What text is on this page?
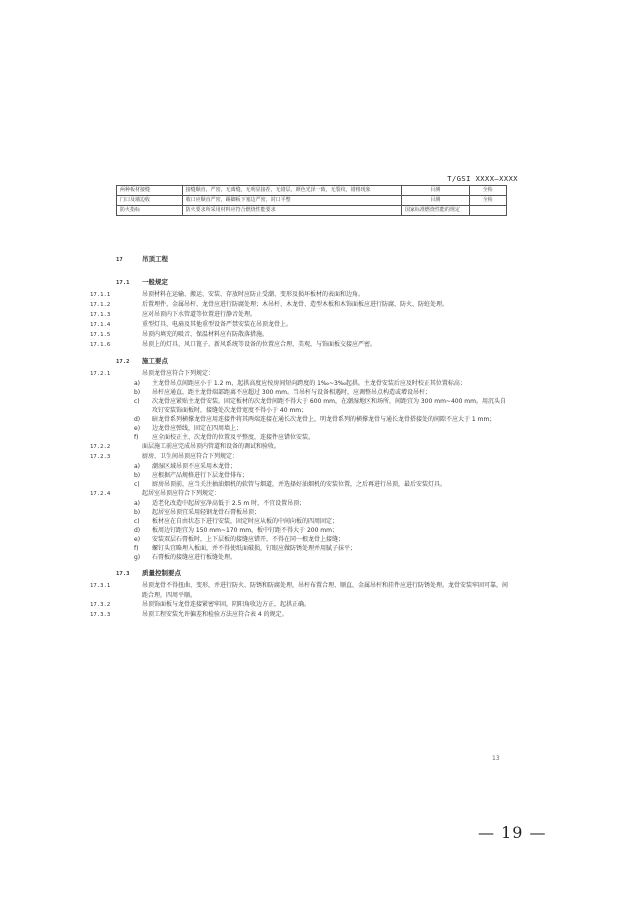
T/GSI XXXX—XXXX
两种板材接缝	接缝顺直，严密，无离缝，无明显接茬，无错层，颜色光泽一致，无裂纹，错格现象	目测	全检
门口及墙边收	收口应顺直严密，踢脚板下塞边严密，封口平整	目测	全检
防火指标	防火要求所采用材料应符合燃烧性能要求	国家标准燃烧性能的规定	
17	吊顶工程
17.1 一般规定

17.1.1	吊顶材料在运输、搬运、安装、存放时应防止受潮、变形及损坏板材的表面和边角。

17.1.2	后置埋件、金属吊杆、龙骨应进行防腐处理；木吊杆、木龙骨、造型木板和木饰面板应进行防腐、防火、防蛀处理。

17.1.3	应对吊顶内下水管道等位置进行静音处理。

17.1.4	重型灯具、电扇及其他重型设备严禁安装在吊顶龙骨上。

17.1.5	吊顶内填充的吸音、保温材料应有防散落措施。

17.1.6	吊顶上的灯具、风口篦子、新风系统等设备的位置应合理、美观，与饰面板交接应严密。

17.2 施工要点

17.2.1	吊顶龙骨应符合下列规定：

a) 主龙骨吊点间距应小于 1.2 m，起拱高度应按房间短向跨度的 1‰~3‰起拱。主龙骨安装后应及时校正其位置标高；

b) 吊杆应通直，距主龙骨端部距离不应超过 300 mm。当吊杆与设备相遇时，应调整吊点构造或增设吊杆；

c) 次龙骨应紧贴主龙骨安装。固定板材的次龙骨间距不得大于 600 mm，在潮湿地区和场所，间距宜为 300 mm~400 mm。用沉头自攻钉安装饰面板时，接缝处次龙骨宽度不得小于 40 mm；

d) 暗龙骨系列横撑龙骨应用连接件将其两端连接在通长次龙骨上，明龙骨系列的横撑龙骨与通长龙骨搭接处的间隙不应大于 1 mm；

e) 边龙骨应弹线，固定在四周墙上；

f) 应全面校正主、次龙骨的位置及平整度，连接件应错位安装。

17.2.2	面层施工前应完成吊顶内管道和设备的调试和验收。

17.2.3	厨房、卫生间吊顶应符合下列规定：

a) 潮湿区域吊顶不应采用木龙骨；

b) 应根据产品规格进行下层龙骨排布；

c) 厨房吊顶前，应当关注抽油烟机的软管与烟道，并选择好油烟机的安装位置，之后再进行吊顶，最后安装灯具。

17.2.4	起居室吊顶应符合下列规定：

a) 适老化改造中起居室净高低于 2.5 m 时，不宜设置吊顶；

b) 起居室吊顶宜采用轻钢龙骨石膏板吊顶；

c) 板材应在自由状态下进行安装，固定时应从板的中间向板的四周固定；

d) 板周边钉距宜为 150 mm~170 mm，板中钉距不得大于 200 mm；

e) 安装双层石膏板时，上下层板的接缝应错开，不得在同一根龙骨上接缝；

f) 螺钉头宜略埋入板面，并不得使纸面破损，钉眼应做防锈处理并用腻子抹平；

g) 石膏板的接缝应进行板缝处理。

17.3 质量控制要点

17.3.1	吊顶龙骨不得扭曲、变形，并进行防火、防锈和防腐处理，吊杆布置合理、顺直，金属吊杆和挂件应进行防锈处理。龙骨安装牢固可靠，间距合理，四周平顺。

17.3.2	吊顶饰面板与龙骨连接紧密牢固，阴阳角收边方正，起拱正确。

17.3.3	吊顶工程安装允许偏差和检验方法应符合表 4 的规定。

13
— 19 —
